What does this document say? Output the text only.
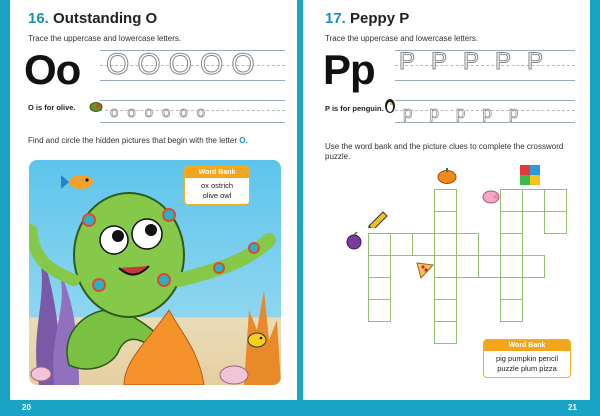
16. Outstanding O
Trace the uppercase and lowercase letters.
Oo OOOOO
O is for olive. oooooo
Find and circle the hidden pictures that begin with the letter O.
Word Bank
ox ostrich
olive owl
17. Peppy P
Trace the uppercase and lowercase letters.
Pp PPPPP
P is for penguin. ppppp
Use the word bank and the picture clues to complete the crossword puzzle.
Word Bank
pig pumpkin pencil
puzzle plum pizza
20	21
